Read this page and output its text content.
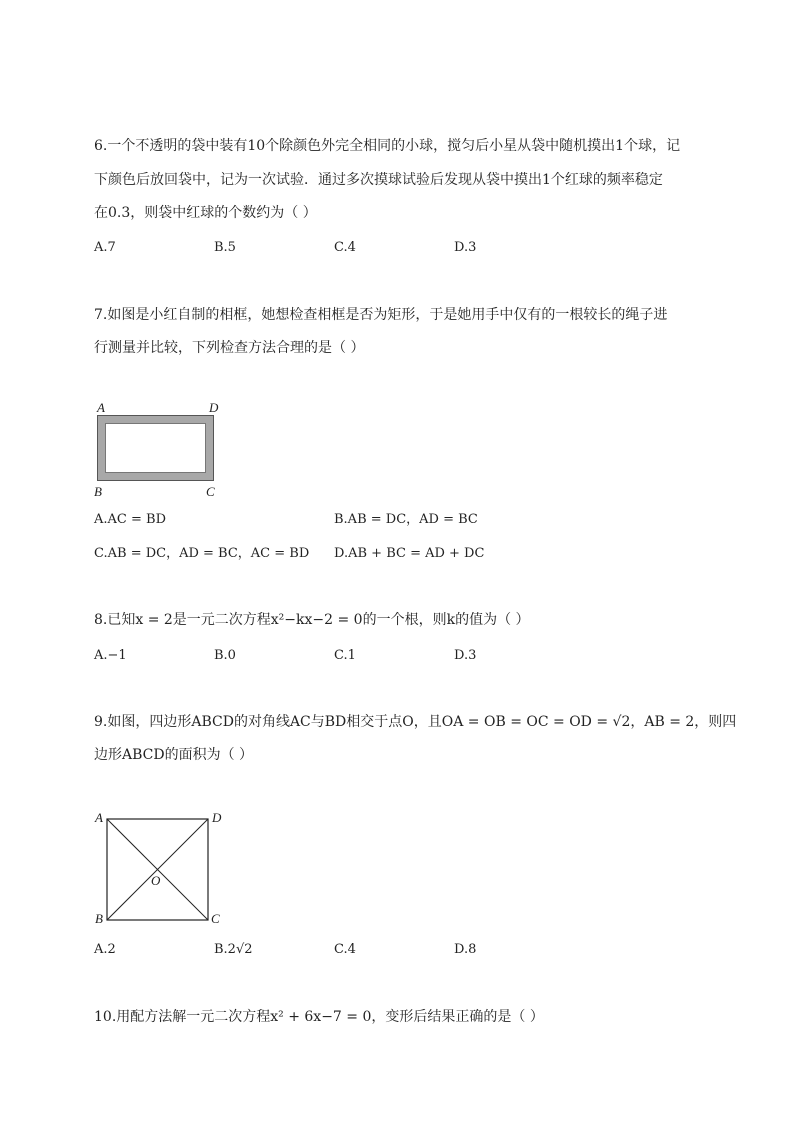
6.一个不透明的袋中装有10个除颜色外完全相同的小球，搅匀后小星从袋中随机摸出1个球，记
下颜色后放回袋中，记为一次试验．通过多次摸球试验后发现从袋中摸出1个红球的频率稳定
在0.3，则袋中红球的个数约为（ ）
A.7	B.5	C.4	D.3
7.如图是小红自制的相框，她想检查相框是否为矩形，于是她用手中仅有的一根较长的绳子进
行测量并比较，下列检查方法合理的是（ ）
A	D
B	C
A.AC = BD	B.AB = DC，AD = BC
C.AB = DC，AD = BC，AC = BD D.AB + BC = AD + DC
8.已知x = 2是一元二次方程x²−kx−2 = 0的一个根，则k的值为（ ）
A.−1	B.0	C.1	D.3
9.如图，四边形ABCD的对角线AC与BD相交于点O，且OA = OB = OC = OD = √2，AB = 2，则四
边形ABCD的面积为（ ）
A	D
B	C
O
A.2	B.2√2	C.4	D.8
10.用配方法解一元二次方程x² + 6x−7 = 0，变形后结果正确的是（ ）
